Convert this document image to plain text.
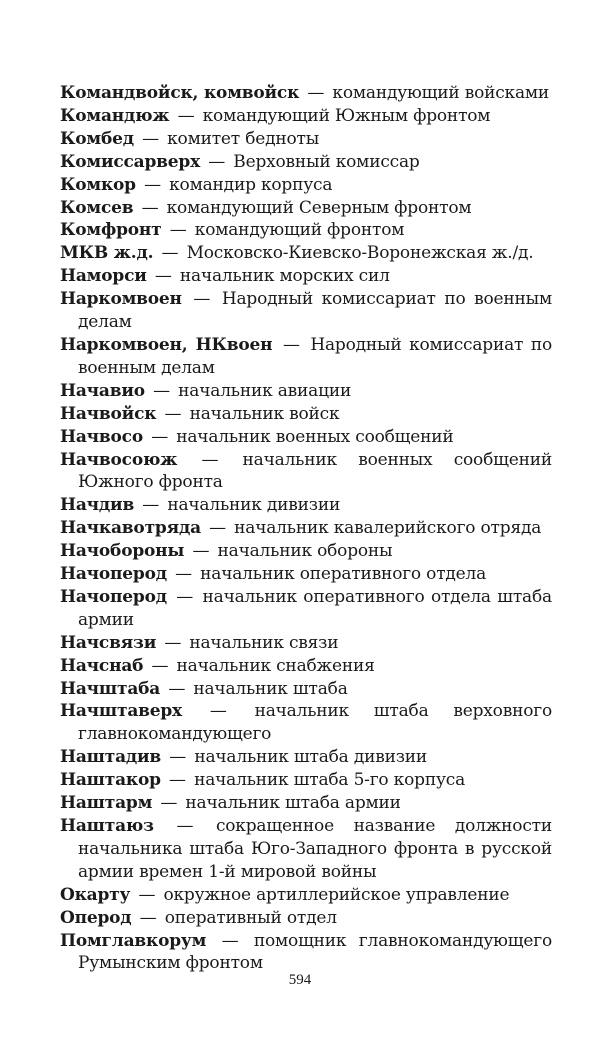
Командвойск, комвойск — командующий войсками

Командюж — командующий Южным фронтом

Комбед — комитет бедноты

Комиссарверх — Верховный комиссар

Комкор — командир корпуса

Комсев — командующий Северным фронтом

Комфронт — командующий фронтом

МКВ ж.д. — Московско-Киевско-Воронежская ж./д.

Наморси — начальник морских сил

Наркомвоен — Народный комиссариат по военным делам

Наркомвоен, НКвоен — Народный комиссариат по военным делам

Начавио — начальник авиации

Начвойск — начальник войск

Начвосо — начальник военных сообщений

Начвосоюж — начальник военных сообщений Южного фронта

Начдив — начальник дивизии

Начкавотряда — начальник кавалерийского отряда

Начобороны — начальник обороны

Начоперод — начальник оперативного отдела

Начоперод — начальник оперативного отдела штаба армии

Начсвязи — начальник связи

Начснаб — начальник снабжения

Начштаба — начальник штаба

Начштаверх — начальник штаба верховного главнокомандующего

Наштадив — начальник штаба дивизии

Наштакор — начальник штаба 5-го корпуса

Наштарм — начальник штаба армии

Наштаюз — сокращенное название должности начальника штаба Юго-Западного фронта в русской армии времен 1-й мировой войны

Окарту — окружное артиллерийское управление

Оперод — оперативный отдел

Помглавкорум — помощник главнокомандующего Румынским фронтом

594
